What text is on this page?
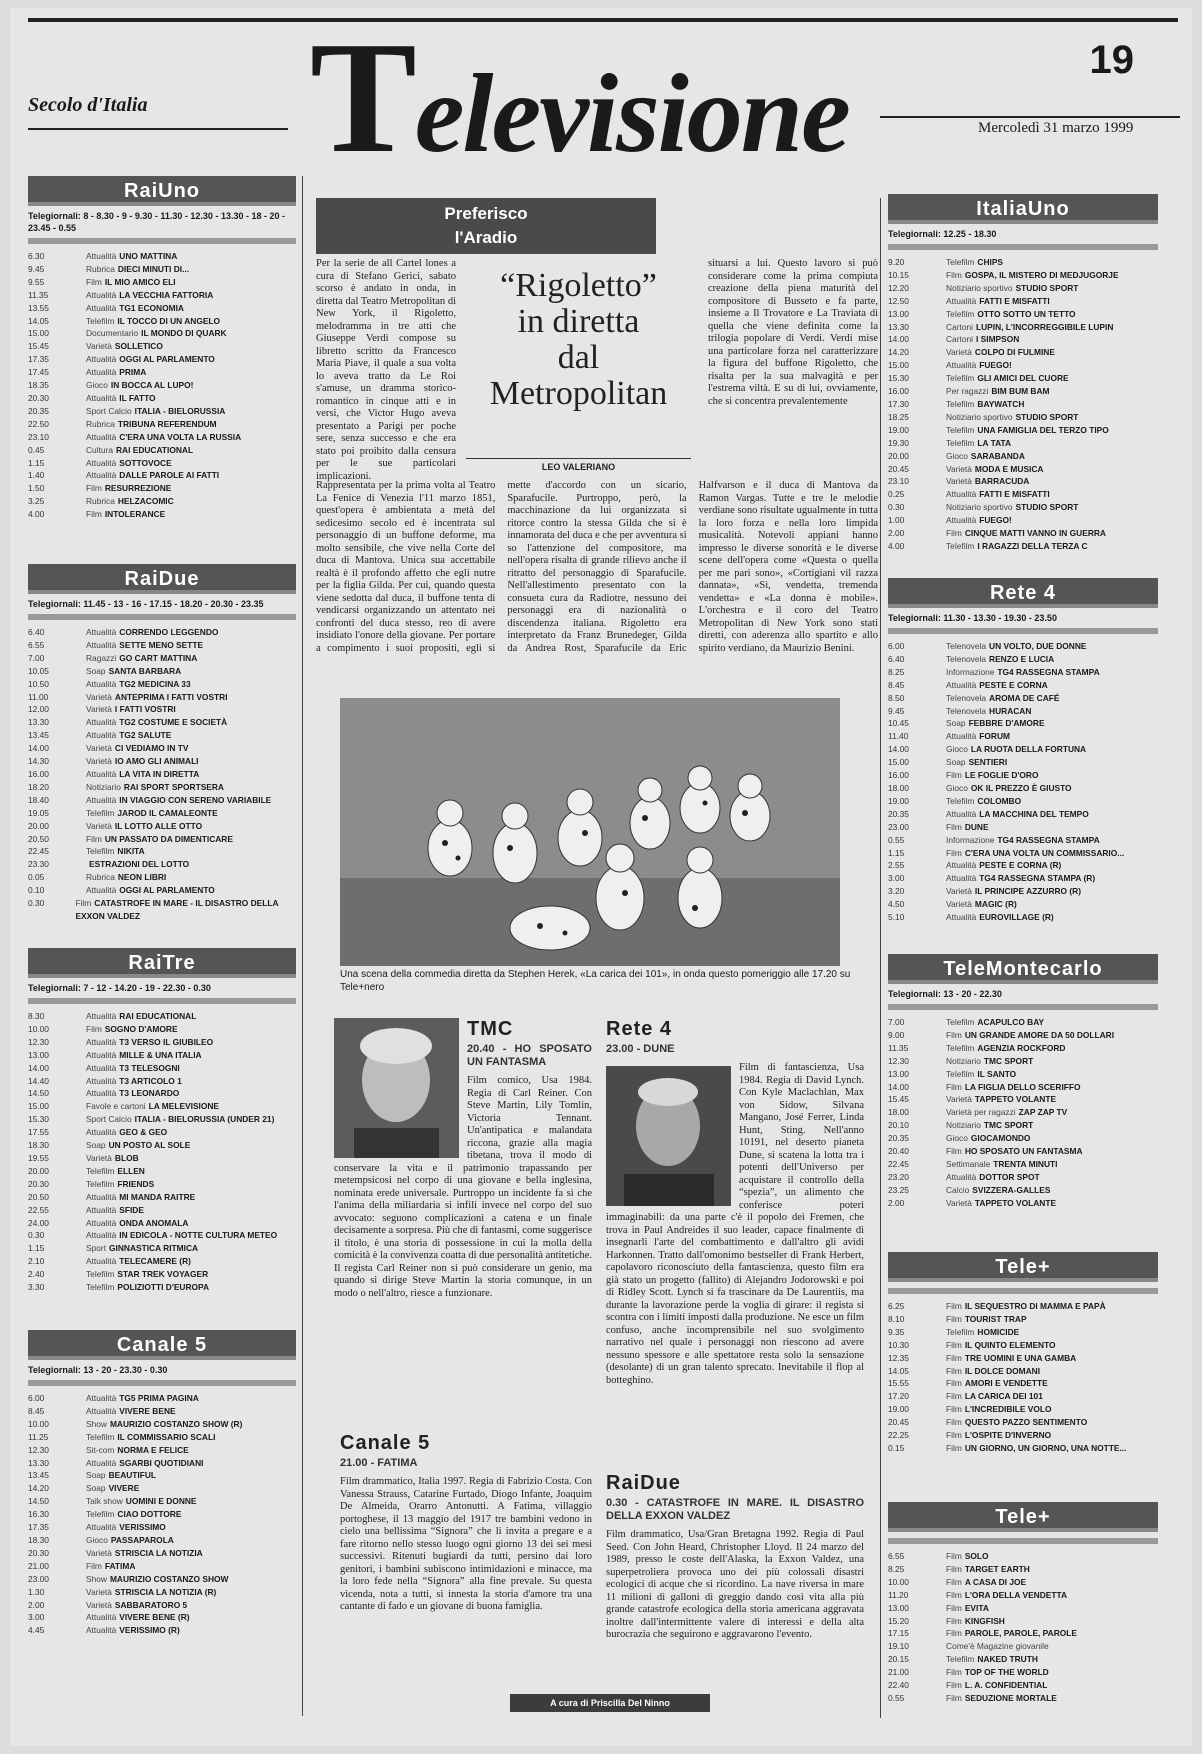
Secolo d'Italia Televisione	19
Mercoledì 31 marzo 1999
RaiUno
Telegiornali: 8 - 8.30 - 9 - 9.30 - 11.30 - 12.30 - 13.30 - 18 - 20 - 23.45 - 0.55
6.30	Attualità UNO MATTINA
9.45	Rubrica DIECI MINUTI DI...
9.55	Film IL MIO AMICO ELI
11.35	Attualità LA VECCHIA FATTORIA
13.55	Attualità TG1 ECONOMIA
14.05	Telefilm IL TOCCO DI UN ANGELO
15.00	Documentario IL MONDO DI QUARK
15.45	Varietà SOLLETICO
17.35	Attualità OGGI AL PARLAMENTO
17.45	Attualità PRIMA
18.35	Gioco IN BOCCA AL LUPO!
20.30	Attualità IL FATTO
20.35	Sport Calcio ITALIA - BIELORUSSIA
22.50	Rubrica TRIBUNA REFERENDUM
23.10	Attualità C'ERA UNA VOLTA LA RUSSIA
0.45	Cultura RAI EDUCATIONAL
1.15	Attualità SOTTOVOCE
1.40	Attualità DALLE PAROLE AI FATTI
1.50	Film RESURREZIONE
3.25	Rubrica HELZACOMIC
4.00	Film INTOLERANCE
RaiDue
Telegiornali: 11.45 - 13 - 16 - 17.15 - 18.20 - 20.30 - 23.35
6.40	Attualità CORRENDO LEGGENDO
6.55	Attualità SETTE MENO SETTE
7.00	Ragazzi GO CART MATTINA
10.05	Soap SANTA BARBARA
10.50	Attualità TG2 MEDICINA 33
11.00	Varietà ANTEPRIMA I FATTI VOSTRI
12.00	Varietà I FATTI VOSTRI
13.30	Attualità TG2 COSTUME E SOCIETÀ
13.45	Attualità TG2 SALUTE
14.00	Varietà CI VEDIAMO IN TV
14.30	Varietà IO AMO GLI ANIMALI
16.00	Attualità LA VITA IN DIRETTA
18.20	Notiziario RAI SPORT SPORTSERA
18.40	Attualità IN VIAGGIO CON SERENO VARIABILE
19.05	Telefilm JAROD IL CAMALEONTE
20.00	Varietà IL LOTTO ALLE OTTO
20.50	Film UN PASSATO DA DIMENTICARE
22.45	Telefilm NIKITA
23.30	ESTRAZIONI DEL LOTTO
0.05	Rubrica NEON LIBRI
0.10	Attualità OGGI AL PARLAMENTO
0.30	Film CATASTROFE IN MARE - IL DISASTRO DELLA EXXON VALDEZ
RaiTre
Telegiornali: 7 - 12 - 14.20 - 19 - 22.30 - 0.30
8.30	Attualità RAI EDUCATIONAL
10.00	Film SOGNO D'AMORE
12.30	Attualità T3 VERSO IL GIUBILEO
13.00	Attualità MILLE & UNA ITALIA
14.00	Attualità T3 TELESOGNI
14.40	Attualità T3 ARTICOLO 1
14.50	Attualità T3 LEONARDO
15.00	Favole e cartoni LA MELEVISIONE
15.30	Sport Calcio ITALIA - BIELORUSSIA (UNDER 21)
17.55	Attualità GEO & GEO
18.30	Soap UN POSTO AL SOLE
19.55	Varietà BLOB
20.00	Telefilm ELLEN
20.30	Telefilm FRIENDS
20.50	Attualità MI MANDA RAITRE
22.55	Attualità SFIDE
24.00	Attualità ONDA ANOMALA
0.30	Attualità IN EDICOLA - NOTTE CULTURA METEO
1.15	Sport GINNASTICA RITMICA
2.10	Attualità TELECAMERE (R)
2.40	Telefilm STAR TREK VOYAGER
3.30	Telefilm POLIZIOTTI D'EUROPA
Canale 5
Telegiornali: 13 - 20 - 23.30 - 0.30
6.00	Attualità TG5 PRIMA PAGINA
8.45	Attualità VIVERE BENE
10.00	Show MAURIZIO COSTANZO SHOW (R)
11.25	Telefilm IL COMMISSARIO SCALI
12.30	Sit-com NORMA E FELICE
13.30	Attualità SGARBI QUOTIDIANI
13.45	Soap BEAUTIFUL
14.20	Soap VIVERE
14.50	Talk show UOMINI E DONNE
16.30	Telefilm CIAO DOTTORE
17.35	Attualità VERISSIMO
18.30	Gioco PASSAPAROLA
20.30	Varietà STRISCIA LA NOTIZIA
21.00	Film FATIMA
23.00	Show MAURIZIO COSTANZO SHOW
1.30	Varietà STRISCIA LA NOTIZIA (R)
2.00	Varietà SABBARATORO 5
3.00	Attualità VIVERE BENE (R)
4.45	Attualità VERISSIMO (R)
Preferisco
l'Aradio
Per la serie de all Cartel lones a cura di Stefano Gerici, sabato scorso è andato in onda, in diretta dal Teatro Metropolitan di New York, il Rigoletto, melodramma in tre atti che Giuseppe Verdi compose su libretto scritto da Francesco Maria Piave, il quale a sua volta lo aveva tratto da Le Roi s'amuse, un dramma storico-romantico in cinque atti e in versi, che Victor Hugo aveva presentato a Parigi per poche sere, senza successo e che era stato poi proibito dalla censura per le sue particolari implicazioni.
“Rigoletto”
in diretta
dal Metropolitan
LEO VALERIANO
situarsi a lui. Questo lavoro si può considerare come la prima compiuta creazione della piena maturità del compositore di Busseto e fa parte, insieme a Il Trovatore e La Traviata di quella che viene definita come la trilogia popolare di Verdi. Verdi mise una particolare forza nel caratterizzare la figura del buffone Rigoletto, che risalta per la sua malvagità e per l'estrema viltà. E su di lui, ovviamente, che si concentra prevalentemente
Rappresentata per la prima volta al Teatro La Fenice di Venezia l'11 marzo 1851, quest'opera è ambientata a metà del sedicesimo secolo ed è incentrata sul personaggio di un buffone deforme, ma molto sensibile, che vive nella Corte del duca di Mantova. Unica sua accettabile realtà è il profondo affetto che egli nutre per la figlia Gilda. Per cui, quando questa viene sedotta dal duca, il buffone tenta di vendicarsi organizzando un attentato nei confronti del duca stesso, reo di avere insidiato l'onore della giovane. Per portare a compimento i suoi propositi, egli si mette d'accordo con un sicario, Sparafucile. Purtroppo, però, la macchinazione da lui organizzata si ritorce contro la stessa Gilda che si è innamorata del duca e che per avventura si so l'attenzione del compositore, ma nell'opera risalta di grande rilievo anche il ritratto del personaggio di Sparafucile. Nell'allestimento presentato con la consueta cura da Radiotre, nessuno dei personaggi era di nazionalità o discendenza italiana. Rigoletto era interpretato da Franz Brunedeger, Gilda da Andrea Rost, Sparafucile da Eric Halfvarson e il duca di Mantova da Ramon Vargas. Tutte e tre le melodie verdiane sono risultate ugualmente in tutta la loro forza e nella loro limpida musicalità. Notevoli appiani hanno impresso le diverse sonorità e le diverse scene dell'opera come «Questa o quella per me pari sono», «Cortigiani vil razza dannata», «Sì, vendetta, tremenda vendetta» e «La donna è mobile». L'orchestra e il coro del Teatro Metropolitan di New York sono stati diretti, con aderenza allo spartito e allo spirito verdiano, da Maurizio Benini.
Una scena della commedia diretta da Stephen Herek, «La carica dei 101», in onda questo pomeriggio alle 17.20 su Tele+nero
TMC
20.40 - HO SPOSATO UN FANTASMA
Film comico, Usa 1984. Regia di Carl Reiner. Con Steve Martin, Lily Tomlin, Victoria Tennant. Un'antipatica e malandata riccona, grazie alla magia tibetana, trova il modo di conservare la vita e il patrimonio trapassando per metempsicosi nel corpo di una giovane e bella inglesina, nominata erede universale. Purtroppo un incidente fa sì che l'anima della miliardaria si infili invece nel corpo del suo avvocato: seguono complicazioni a catena e un finale decisamente a sorpresa. Più che di fantasmi, come suggerisce il titolo, è una storia di possessione in cui la molla della comicità è la convivenza coatta di due personalità antitetiche. Il regista Carl Reiner non si può considerare un genio, ma quando si dirige Steve Martin la storia comunque, in un modo o nell'altro, riesce a funzionare.
Rete 4
23.00 - DUNE
Film di fantascienza, Usa 1984. Regia di David Lynch. Con Kyle Maclachlan, Max von Sidow, Silvana Mangano, José Ferrer, Linda Hunt, Sting. Nell'anno 10191, nel deserto pianeta Dune, si scatena la lotta tra i potenti dell'Universo per acquistare il controllo della “spezia”, un alimento che conferisce poteri immaginabili: da una parte c'è il popolo dei Fremen, che trova in Paul Andreides il suo leader, capace finalmente di insegnarli l'arte del combattimento e dall'altro gli avidi Harkonnen. Tratto dall'omonimo bestseller di Frank Herbert, capolavoro riconosciuto della fantascienza, questo film era già stato un progetto (fallito) di Alejandro Jodorowski e poi di Ridley Scott. Lynch si fa trascinare da De Laurentiis, ma durante la lavorazione perde la voglia di girare: il regista si scontra con i limiti imposti dalla produzione. Ne esce un film confuso, anche incomprensibile nel suo svolgimento narrativo nel quale i personaggi non riescono ad avere nessuno spessore e alle spettatore resta solo la sensazione (desolante) di un gran talento sprecato. Inevitabile il flop al botteghino.
Canale 5
21.00 - FATIMA
Film drammatico, Italia 1997. Regia di Fabrizio Costa. Con Vanessa Strauss, Catarine Furtado, Diogo Infante, Joaquim De Almeida, Orarro Antonutti. A Fatima, villaggio portoghese, il 13 maggio del 1917 tre bambini vedono in cielo una bellissima “Signora” che li invita a pregare e a fare ritorno nello stesso luogo ogni giorno 13 dei sei mesi successivi. Ritenuti bugiardi da tutti, persino dai loro genitori, i bambini subiscono intimidazioni e minacce, ma la loro fede nella “Signora” alla fine prevale. Su questa vicenda, nota a tutti, si innesta la storia d'amore tra una cantante di fado e un giovane di buona famiglia.
RaiDue
0.30 - CATASTROFE IN MARE. IL DISASTRO DELLA EXXON VALDEZ
Film drammatico, Usa/Gran Bretagna 1992. Regia di Paul Seed. Con John Heard, Christopher Lloyd. Il 24 marzo del 1989, presso le coste dell'Alaska, la Exxon Valdez, una superpetroliera provoca uno dei più colossali disastri ecologici di acque che si ricordino. La nave riversa in mare 11 milioni di galloni di greggio dando così vita alla più grande catastrofe ecologica della storia americana aggravata inoltre dall'intermittente valere di interessi e della alta burocrazia che seguirono e aggravarono l'evento.
A cura di Priscilla Del Ninno
ItaliaUno
Telegiornali: 12.25 - 18.30
9.20	Telefilm CHIPS
10.15	Film GOSPA, IL MISTERO DI MEDJUGORJE
12.20	Notiziario sportivo STUDIO SPORT
12.50	Attualità FATTI E MISFATTI
13.00	Telefilm OTTO SOTTO UN TETTO
13.30	Cartoni LUPIN, L'INCORREGGIBILE LUPIN
14.00	Cartoni I SIMPSON
14.20	Varietà COLPO DI FULMINE
15.00	Attualità FUEGO!
15.30	Telefilm GLI AMICI DEL CUORE
16.00	Per ragazzi BIM BUM BAM
17.30	Telefilm BAYWATCH
18.25	Notiziario sportivo STUDIO SPORT
19.00	Telefilm UNA FAMIGLIA DEL TERZO TIPO
19.30	Telefilm LA TATA
20.00	Gioco SARABANDA
20.45	Varietà MODA E MUSICA
23.10	Varietà BARRACUDA
0.25	Attualità FATTI E MISFATTI
0.30	Notiziario sportivo STUDIO SPORT
1.00	Attualità FUEGO!
2.00	Film CINQUE MATTI VANNO IN GUERRA
4.00	Telefilm I RAGAZZI DELLA TERZA C
Rete 4
Telegiornali: 11.30 - 13.30 - 19.30 - 23.50
6.00	Telenovela UN VOLTO, DUE DONNE
6.40	Telenovela RENZO E LUCIA
8.25	Informazione TG4 RASSEGNA STAMPA
8.45	Attualità PESTE E CORNA
8.50	Telenovela AROMA DE CAFÉ
9.45	Telenovela HURACAN
10.45	Soap FEBBRE D'AMORE
11.40	Attualità FORUM
14.00	Gioco LA RUOTA DELLA FORTUNA
15.00	Soap SENTIERI
16.00	Film LE FOGLIE D'ORO
18.00	Gioco OK IL PREZZO È GIUSTO
19.00	Telefilm COLOMBO
20.35	Attualità LA MACCHINA DEL TEMPO
23.00	Film DUNE
0.55	Informazione TG4 RASSEGNA STAMPA
1.15	Film C'ERA UNA VOLTA UN COMMISSARIO...
2.55	Attualità PESTE E CORNA (R)
3.00	Attualità TG4 RASSEGNA STAMPA (R)
3.20	Varietà IL PRINCIPE AZZURRO (R)
4.50	Varietà MAGIC (R)
5.10	Attualità EUROVILLAGE (R)
TeleMontecarlo
Telegiornali: 13 - 20 - 22.30
7.00	Telefilm ACAPULCO BAY
9.00	Film UN GRANDE AMORE DA 50 DOLLARI
11.35	Telefilm AGENZIA ROCKFORD
12.30	Notiziario TMC SPORT
13.00	Telefilm IL SANTO
14.00	Film LA FIGLIA DELLO SCERIFFO
15.45	Varietà TAPPETO VOLANTE
18.00	Varietà per ragazzi ZAP ZAP TV
20.10	Notiziario TMC SPORT
20.35	Gioco GIOCAMONDO
20.40	Film HO SPOSATO UN FANTASMA
22.45	Settimanale TRENTA MINUTI
23.20	Attualità DOTTOR SPOT
23.25	Calcio SVIZZERA-GALLES
2.00	Varietà TAPPETO VOLANTE
Tele+
6.25	Film IL SEQUESTRO DI MAMMA E PAPÀ
8.10	Film TOURIST TRAP
9.35	Telefilm HOMICIDE
10.30	Film IL QUINTO ELEMENTO
12.35	Film TRE UOMINI E UNA GAMBA
14.05	Film IL DOLCE DOMANI
15.55	Film AMORI E VENDETTE
17.20	Film LA CARICA DEI 101
19.00	Film L'INCREDIBILE VOLO
20.45	Film QUESTO PAZZO SENTIMENTO
22.25	Film L'OSPITE D'INVERNO
0.15	Film UN GIORNO, UN GIORNO, UNA NOTTE...
Tele+
6.55	Film SOLO
8.25	Film TARGET EARTH
10.00	Film A CASA DI JOE
11.20	Film L'ORA DELLA VENDETTA
13.00	Film EVITA
15.20	Film KINGFISH
17.15	Film PAROLE, PAROLE, PAROLE
19.10	Come'è Magazine giovanile
20.15	Telefilm NAKED TRUTH
21.00	Film TOP OF THE WORLD
22.40	Film L. A. CONFIDENTIAL
0.55	Film SEDUZIONE MORTALE
